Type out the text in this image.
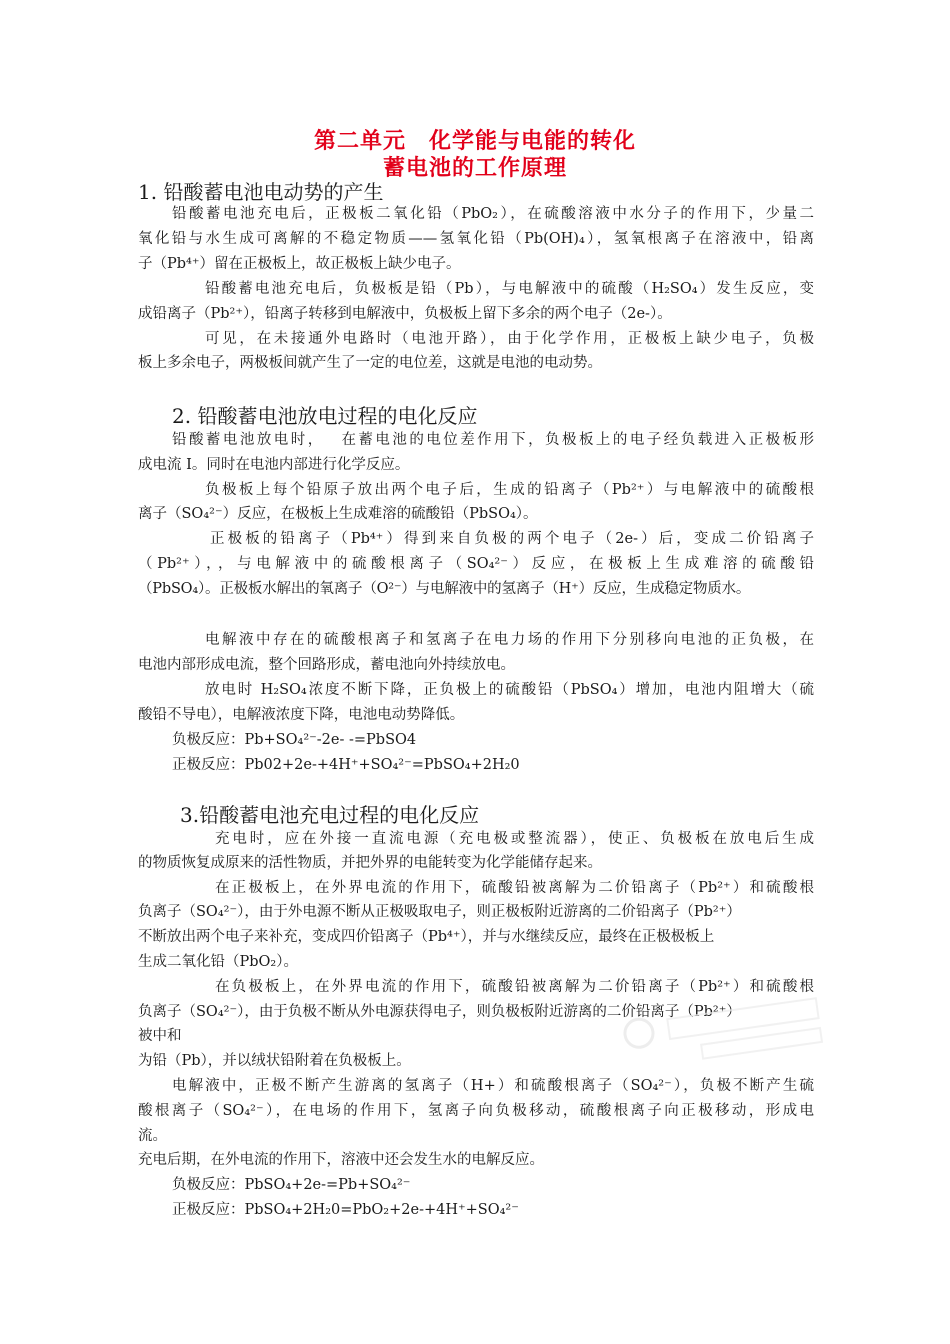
第二单元　化学能与电能的转化
蓄电池的工作原理
1. 铅酸蓄电池电动势的产生
铅酸蓄电池充电后，正极板二氧化铅（PbO₂），在硫酸溶液中水分子的作用下，少量二
氧化铅与水生成可离解的不稳定物质——氢氧化铅（Pb(OH)₄），氢氧根离子在溶液中，铅离
子（Pb⁴⁺）留在正极板上，故正极板上缺少电子。
铅酸蓄电池充电后，负极板是铅（Pb），与电解液中的硫酸（H₂SO₄）发生反应，变
成铅离子（Pb²⁺），铅离子转移到电解液中，负极板上留下多余的两个电子（2e-）。
可见，在未接通外电路时（电池开路），由于化学作用，正极板上缺少电子，负极
板上多余电子，两极板间就产生了一定的电位差，这就是电池的电动势。
2. 铅酸蓄电池放电过程的电化反应
铅酸蓄电池放电时，　 在蓄电池的电位差作用下，负极板上的电子经负载进入正极板形
成电流 I。同时在电池内部进行化学反应。
负极板上每个铅原子放出两个电子后，生成的铅离子（Pb²⁺）与电解液中的硫酸根
离子（SO₄²⁻）反应，在极板上生成难溶的硫酸铅（PbSO₄）。
正极板的铅离子（Pb⁴⁺）得到来自负极的两个电子（2e-）后，变成二价铅离子
（Pb²⁺），，与电解液中的硫酸根离子（SO₄²⁻）反应，在极板上生成难溶的硫酸铅
（PbSO₄）。正极板水解出的氧离子（O²⁻）与电解液中的氢离子（H⁺）反应，生成稳定物质水。
电解液中存在的硫酸根离子和氢离子在电力场的作用下分别移向电池的正负极，在
电池内部形成电流，整个回路形成，蓄电池向外持续放电。
放电时 H₂SO₄浓度不断下降，正负极上的硫酸铅（PbSO₄）增加，电池内阻增大（硫
酸铅不导电），电解液浓度下降，电池电动势降低。
负极反应：Pb+SO₄²⁻-2e- -=PbSO4
正极反应：Pb02+2e-+4H⁺+SO₄²⁻=PbSO₄+2H₂0
3.铅酸蓄电池充电过程的电化反应
充电时，应在外接一直流电源（充电极或整流器），使正、负极板在放电后生成
的物质恢复成原来的活性物质，并把外界的电能转变为化学能储存起来。
在正极板上，在外界电流的作用下，硫酸铅被离解为二价铅离子（Pb²⁺）和硫酸根
负离子（SO₄²⁻），由于外电源不断从正极吸取电子，则正极板附近游离的二价铅离子（Pb²⁺）
不断放出两个电子来补充，变成四价铅离子（Pb⁴⁺），并与水继续反应，最终在正极极板上
生成二氧化铅（PbO₂）。
在负极板上，在外界电流的作用下，硫酸铅被离解为二价铅离子（Pb²⁺）和硫酸根
负离子（SO₄²⁻），由于负极不断从外电源获得电子，则负极板附近游离的二价铅离子（Pb²⁺）
被中和
为铅（Pb），并以绒状铅附着在负极板上。
电解液中，正极不断产生游离的氢离子（H+）和硫酸根离子（SO₄²⁻），负极不断产生硫
酸根离子（SO₄²⁻），在电场的作用下，氢离子向负极移动，硫酸根离子向正极移动，形成电
流。
充电后期，在外电流的作用下，溶液中还会发生水的电解反应。
负极反应：PbSO₄+2e-=Pb+SO₄²⁻
正极反应：PbSO₄+2H₂0=PbO₂+2e-+4H⁺+SO₄²⁻
